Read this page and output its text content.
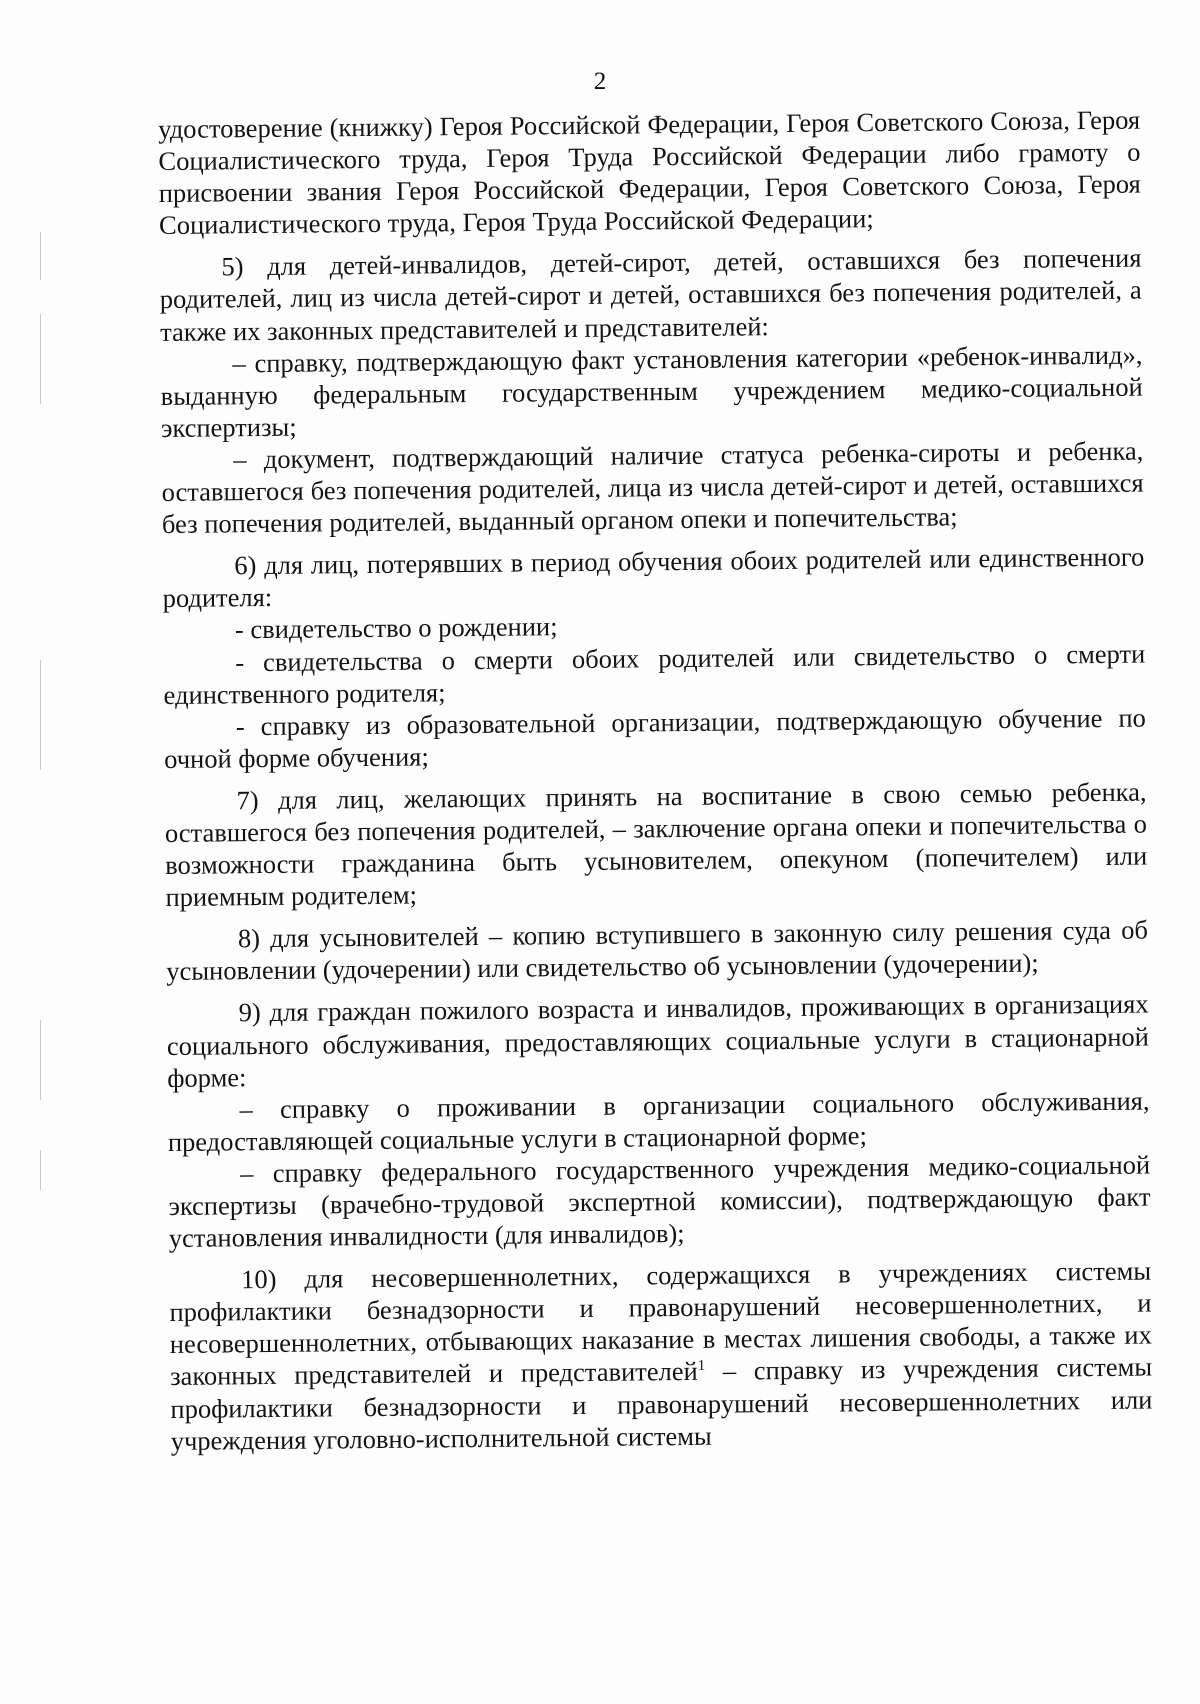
2

удостоверение (книжку) Героя Российской Федерации, Героя Советского Союза, Героя Социалистического труда, Героя Труда Российской Федерации либо грамоту о присвоении звания Героя Российской Федерации, Героя Советского Союза, Героя Социалистического труда, Героя Труда Российской Федерации;

5) для детей-инвалидов, детей-сирот, детей, оставшихся без попечения родителей, лиц из числа детей-сирот и детей, оставшихся без попечения родителей, а также их законных представителей и представителей:

– справку, подтверждающую факт установления категории «ребенок-инвалид», выданную федеральным государственным учреждением медико-социальной экспертизы;

– документ, подтверждающий наличие статуса ребенка-сироты и ребенка, оставшегося без попечения родителей, лица из числа детей-сирот и детей, оставшихся без попечения родителей, выданный органом опеки и попечительства;

6) для лиц, потерявших в период обучения обоих родителей или единственного родителя:

- свидетельство о рождении;

- свидетельства о смерти обоих родителей или свидетельство о смерти единственного родителя;

- справку из образовательной организации, подтверждающую обучение по очной форме обучения;

7) для лиц, желающих принять на воспитание в свою семью ребенка, оставшегося без попечения родителей, – заключение органа опеки и попечительства о возможности гражданина быть усыновителем, опекуном (попечителем) или приемным родителем;

8) для усыновителей – копию вступившего в законную силу решения суда об усыновлении (удочерении) или свидетельство об усыновлении (удочерении);

9) для граждан пожилого возраста и инвалидов, проживающих в организациях социального обслуживания, предоставляющих социальные услуги в стационарной форме:

– справку о проживании в организации социального обслуживания, предоставляющей социальные услуги в стационарной форме;

– справку федерального государственного учреждения медико-социальной экспертизы (врачебно-трудовой экспертной комиссии), подтверждающую факт установления инвалидности (для инвалидов);

10) для несовершеннолетних, содержащихся в учреждениях системы профилактики безнадзорности и правонарушений несовершеннолетних, и несовершеннолетних, отбывающих наказание в местах лишения свободы, а также их законных представителей и представителей$^1$ – справку из учреждения системы профилактики безнадзорности и правонарушений несовершеннолетних или учреждения уголовно-исполнительной системы
